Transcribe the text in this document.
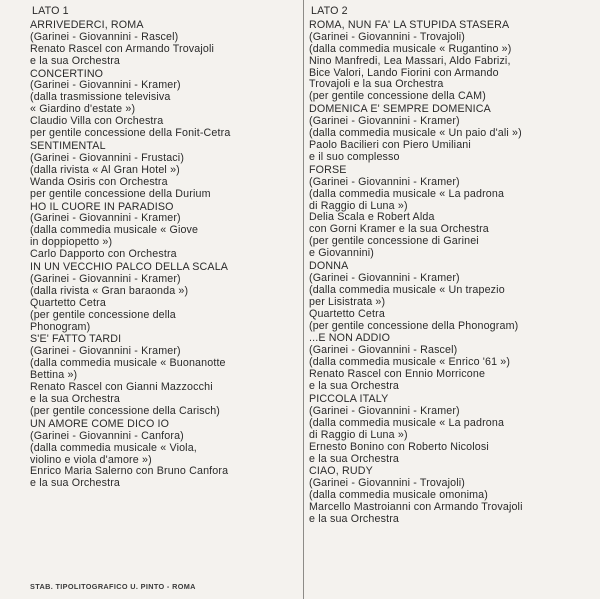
LATO 1
ARRIVEDERCI, ROMA
(Garinei - Giovannini - Rascel)
Renato Rascel con Armando Trovajoli
e la sua Orchestra
CONCERTINO
(Garinei - Giovannini - Kramer)
(dalla trasmissione televisiva
« Giardino d'estate »)
Claudio Villa con Orchestra
per gentile concessione della Fonit-Cetra
SENTIMENTAL
(Garinei - Giovannini - Frustaci)
(dalla rivista « Al Gran Hotel »)
Wanda Osiris con Orchestra
per gentile concessione della Durium
HO IL CUORE IN PARADISO
(Garinei - Giovannini - Kramer)
(dalla commedia musicale « Giove
in doppiopetto »)
Carlo Dapporto con Orchestra
IN UN VECCHIO PALCO DELLA SCALA
(Garinei - Giovannini - Kramer)
(dalla rivista « Gran baraonda »)
Quartetto Cetra
(per gentile concessione della
Phonogram)
S'E' FATTO TARDI
(Garinei - Giovannini - Kramer)
(dalla commedia musicale « Buonanotte
Bettina »)
Renato Rascel con Gianni Mazzocchi
e la sua Orchestra
(per gentile concessione della Carisch)
UN AMORE COME DICO IO
(Garinei - Giovannini - Canfora)
(dalla commedia musicale « Viola,
violino e viola d'amore »)
Enrico Maria Salerno con Bruno Canfora
e la sua Orchestra
LATO 2
ROMA, NUN FA' LA STUPIDA STASERA
(Garinei - Giovannini - Trovajoli)
(dalla commedia musicale « Rugantino »)
Nino Manfredi, Lea Massari, Aldo Fabrizi,
Bice Valori, Lando Fiorini con Armando
Trovajoli e la sua Orchestra
(per gentile concessione della CAM)
DOMENICA E' SEMPRE DOMENICA
(Garinei - Giovannini - Kramer)
(dalla commedia musicale « Un paio d'ali »)
Paolo Bacilieri con Piero Umiliani
e il suo complesso
FORSE
(Garinei - Giovannini - Kramer)
(dalla commedia musicale « La padrona
di Raggio di Luna »)
Delia Scala e Robert Alda
con Gorni Kramer e la sua Orchestra
(per gentile concessione di Garinei
e Giovannini)
DONNA
(Garinei - Giovannini - Kramer)
(dalla commedia musicale « Un trapezio
per Lisistrata »)
Quartetto Cetra
(per gentile concessione della Phonogram)
...E NON ADDIO
(Garinei - Giovannini - Rascel)
(dalla commedia musicale « Enrico '61 »)
Renato Rascel con Ennio Morricone
e la sua Orchestra
PICCOLA ITALY
(Garinei - Giovannini - Kramer)
(dalla commedia musicale « La padrona
di Raggio di Luna »)
Ernesto Bonino con Roberto Nicolosi
e la sua Orchestra
CIAO, RUDY
(Garinei - Giovannini - Trovajoli)
(dalla commedia musicale omonima)
Marcello Mastroianni con Armando Trovajoli
e la sua Orchestra
STAB. TIPOLITOGRAFICO U. PINTO - ROMA
